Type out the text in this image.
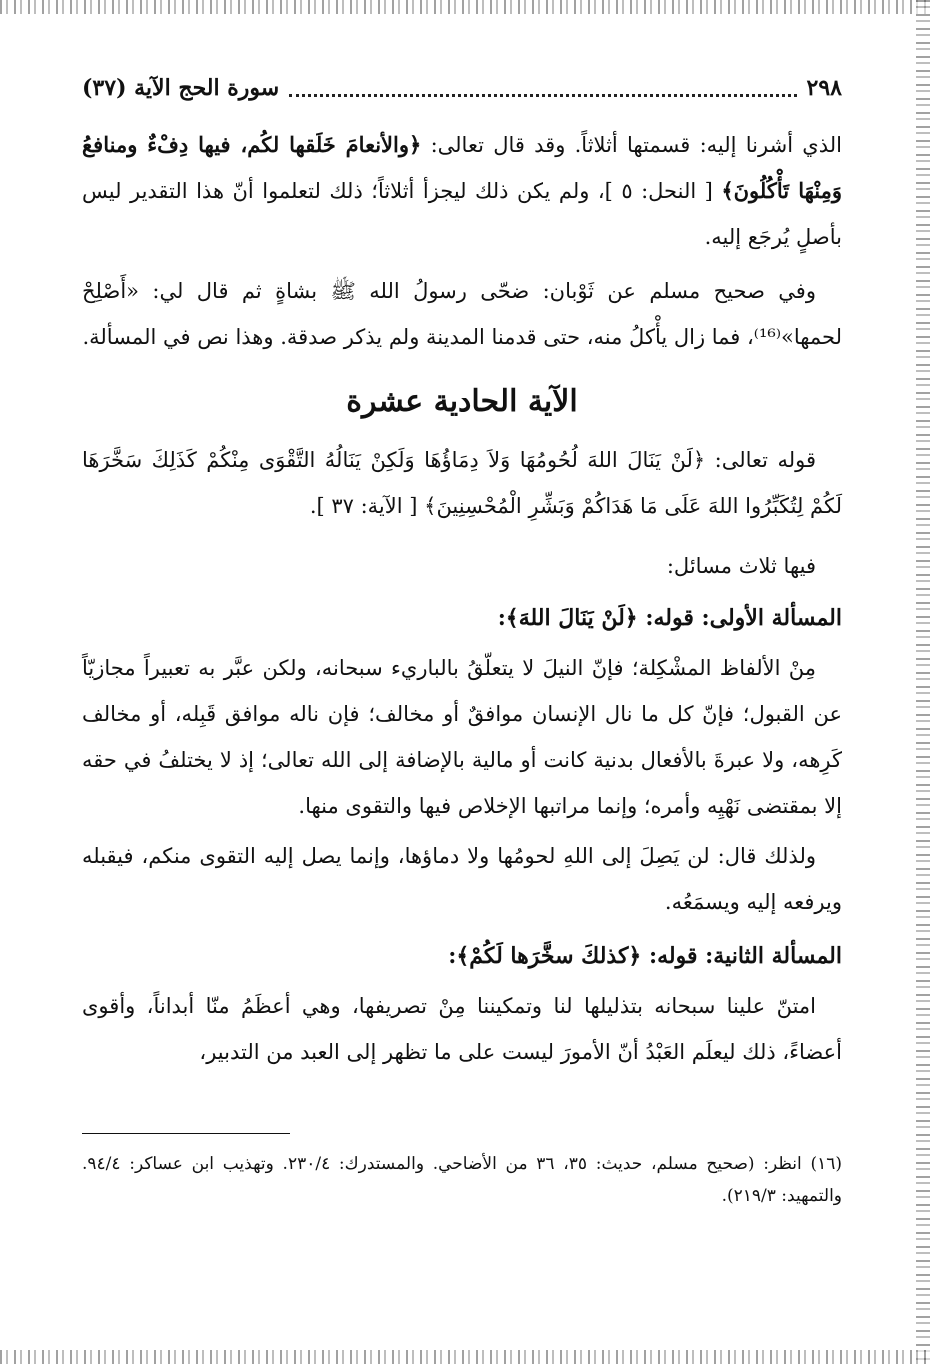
٢٩٨
سورة الحج الآية (٣٧)

الذي أشرنا إليه: قسمتها أثلاثاً. وقد قال تعالى: ﴿والأنعامَ خَلَقها لكُم، فيها دِفْءٌ ومنافعُ وَمِنْهَا تَأْكُلُونَ﴾ [ النحل: ٥ ]، ولم يكن ذلك ليجزأ أثلاثاً؛ ذلك لتعلموا أنّ هذا التقدير ليس بأصلٍ يُرجَع إليه.

وفي صحيح مسلم عن ثَوْبان: ضحّى رسولُ الله ﷺ بشاةٍ ثم قال لي: «أَصْلِحْ لحمها»⁽¹⁶⁾، فما زال يأْكلُ منه، حتى قدمنا المدينة ولم يذكر صدقة. وهذا نص في المسألة.

الآية الحادية عشرة

قوله تعالى: ﴿لَنْ يَنَالَ اللهَ لُحُومُهَا وَلاَ دِمَاؤُهَا وَلَكِنْ يَنَالُهُ التَّقْوَى مِنْكُمْ كَذَلِكَ سَخَّرَهَا لَكُمْ لِتُكَبِّرُوا اللهَ عَلَى مَا هَدَاكُمْ وَبَشِّرِ الْمُحْسِنِينَ﴾ [ الآية: ٣٧ ].

فيها ثلاث مسائل:

المسألة الأولى: قوله: ﴿لَنْ يَنَالَ اللهَ﴾:

مِنْ الألفاظ المشْكِلة؛ فإنّ النيلَ لا يتعلّقُ بالباريء سبحانه، ولكن عبَّر به تعبيراً مجازيّاً عن القبول؛ فإنّ كل ما نال الإنسان موافقٌ أو مخالف؛ فإن ناله موافق قَبِله، أو مخالف كَرِهه، ولا عبرةَ بالأفعال بدنية كانت أو مالية بالإضافة إلى الله تعالى؛ إذ لا يختلفُ في حقه إلا بمقتضى نَهْيِه وأمره؛ وإنما مراتبها الإخلاص فيها والتقوى منها.

ولذلك قال: لن يَصِلَ إلى اللهِ لحومُها ولا دماؤها، وإنما يصل إليه التقوى منكم، فيقبله ويرفعه إليه ويسمَعُه.

المسألة الثانية: قوله: ﴿كذلكَ سخَّرَها لَكُمْ﴾:

امتنّ علينا سبحانه بتذليلها لنا وتمكيننا مِنْ تصريفها، وهي أعظَمُ منّا أبداناً، وأقوى أعضاءً، ذلك ليعلَم العَبْدُ أنّ الأمورَ ليست على ما تظهر إلى العبد من التدبير،

(١٦) انظر: (صحيح مسلم، حديث: ٣٥، ٣٦ من الأضاحي. والمستدرك: ٢٣٠/٤. وتهذيب ابن عساكر: ٩٤/٤. والتمهيد: ٢١٩/٣).
